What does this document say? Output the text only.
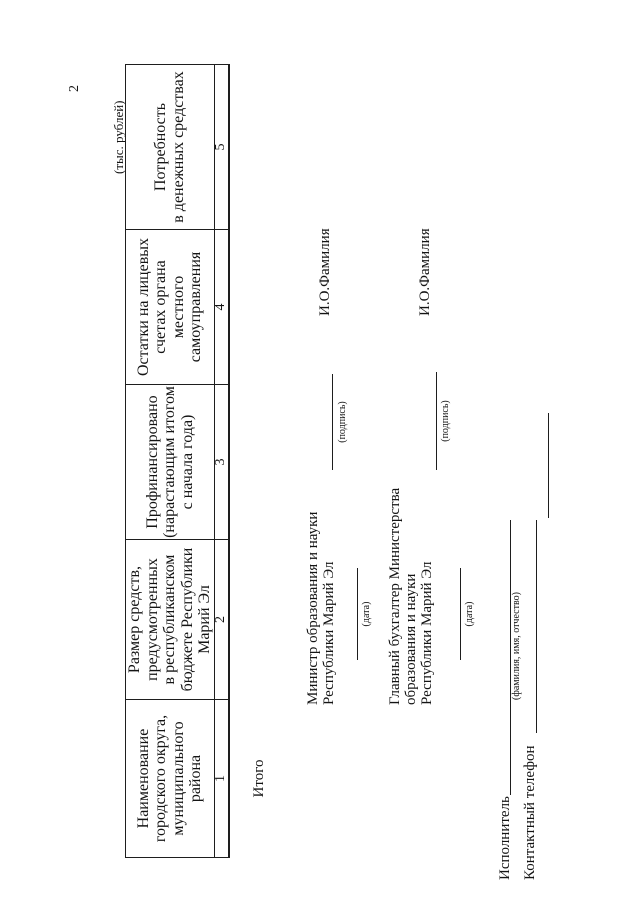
2
(тыс. рублей)
Наименование
городского округа,
муниципального
района	Размер средств,
предусмотренных
в республиканском
бюджете Республики
Марий Эл	Профинансировано
(нарастающим итогом
с начала года)	Остатки на лицевых
счетах органа
местного
самоуправления	Потребность
в денежных средствах
1	2	3	4	5
Итого				
Министр образования и науки
Республики Марий Эл
(подпись)
И.О.Фамилия
(дата)
Главный бухгалтер Министерства
образования и науки
Республики Марий Эл
(подпись)
И.О.Фамилия
(дата)
Исполнитель
(фамилия, имя, отчество)
Контактный телефон
